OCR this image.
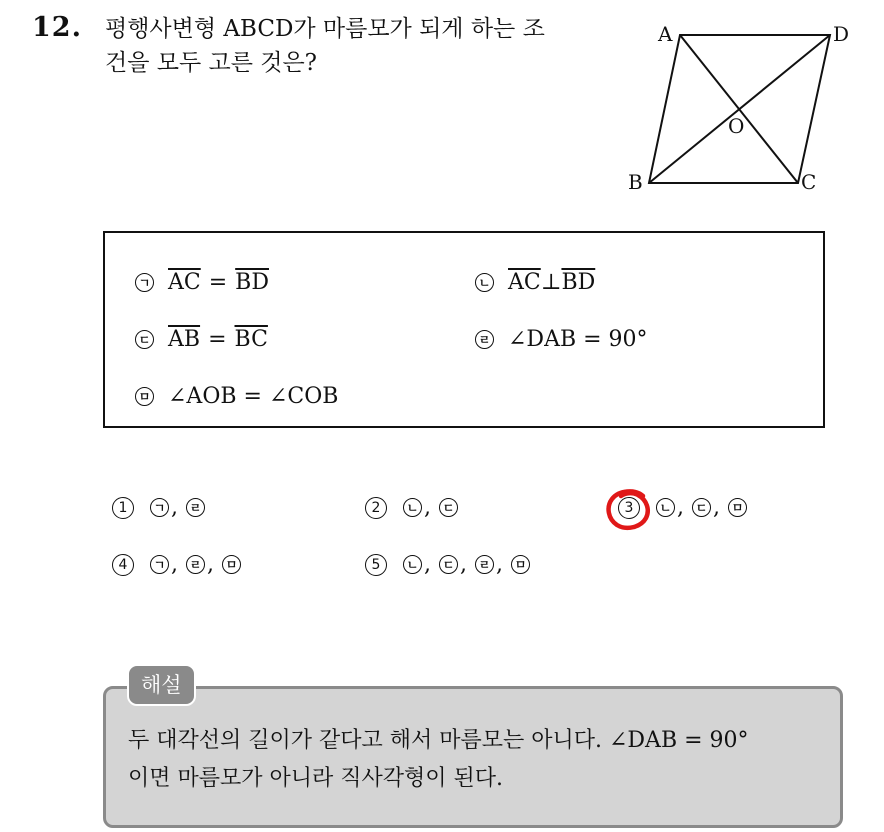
12. 평행사변형 ABCD가 마름모가 되게 하는 조
건을 모두 고른 것은?
A	D
B	C
O
ㄱ $\overline{AC} = \overline{BD}$	ㄴ $\overline{AC}$ ⊥ $\overline{BD}$
ㄷ $\overline{AB} = \overline{BC}$	ㄹ ∠DAB = 90°
ㅁ ∠AOB = ∠COB
1	ㄱ , ㄹ	2	ㄴ , ㄷ	3	ㄴ , ㄷ , ㅁ
4	ㄱ , ㄹ , ㅁ	5	ㄴ , ㄷ , ㄹ , ㅁ
해설
두 대각선의 길이가 같다고 해서 마름모는 아니다. ∠DAB = 90°
이면 마름모가 아니라 직사각형이 된다.
